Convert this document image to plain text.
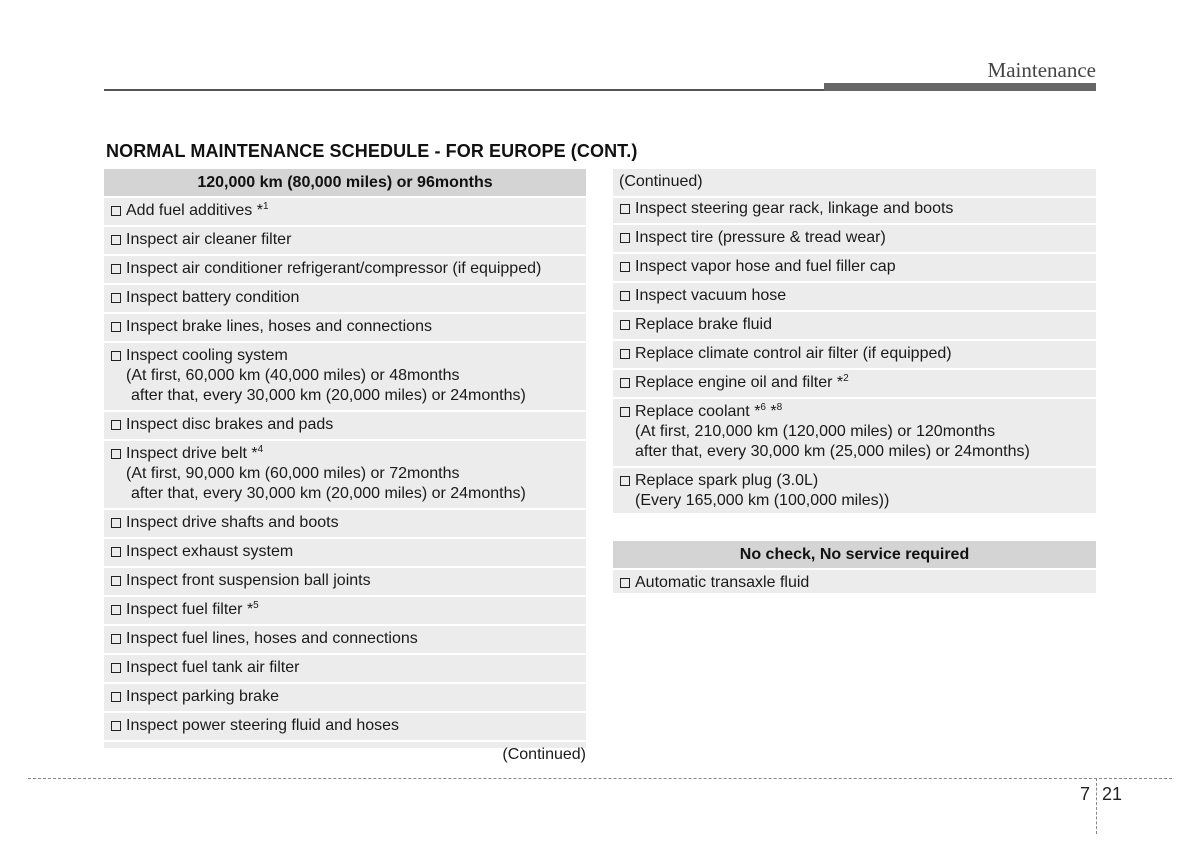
Maintenance
NORMAL MAINTENANCE SCHEDULE - FOR EUROPE (CONT.)
120,000 km (80,000 miles) or 96months
Add fuel additives *$^1$
Inspect air cleaner filter
Inspect air conditioner refrigerant/compressor (if equipped)
Inspect battery condition
Inspect brake lines, hoses and connections
Inspect cooling system
(At first, 60,000 km (40,000 miles) or 48months
after that, every 30,000 km (20,000 miles) or 24months)
Inspect disc brakes and pads
Inspect drive belt *$^4$
(At first, 90,000 km (60,000 miles) or 72months
after that, every 30,000 km (20,000 miles) or 24months)
Inspect drive shafts and boots
Inspect exhaust system
Inspect front suspension ball joints
Inspect fuel filter *$^5$
Inspect fuel lines, hoses and connections
Inspect fuel tank air filter
Inspect parking brake
Inspect power steering fluid and hoses
(Continued)
(Continued)
Inspect steering gear rack, linkage and boots
Inspect tire (pressure & tread wear)
Inspect vapor hose and fuel filler cap
Inspect vacuum hose
Replace brake fluid
Replace climate control air filter (if equipped)
Replace engine oil and filter *$^2$
Replace coolant *$^6$ *$^8$
(At first, 210,000 km (120,000 miles) or 120months
after that, every 30,000 km (25,000 miles) or 24months)
Replace spark plug (3.0L)
(Every 165,000 km (100,000 miles))
No check, No service required
Automatic transaxle fluid
7 21
